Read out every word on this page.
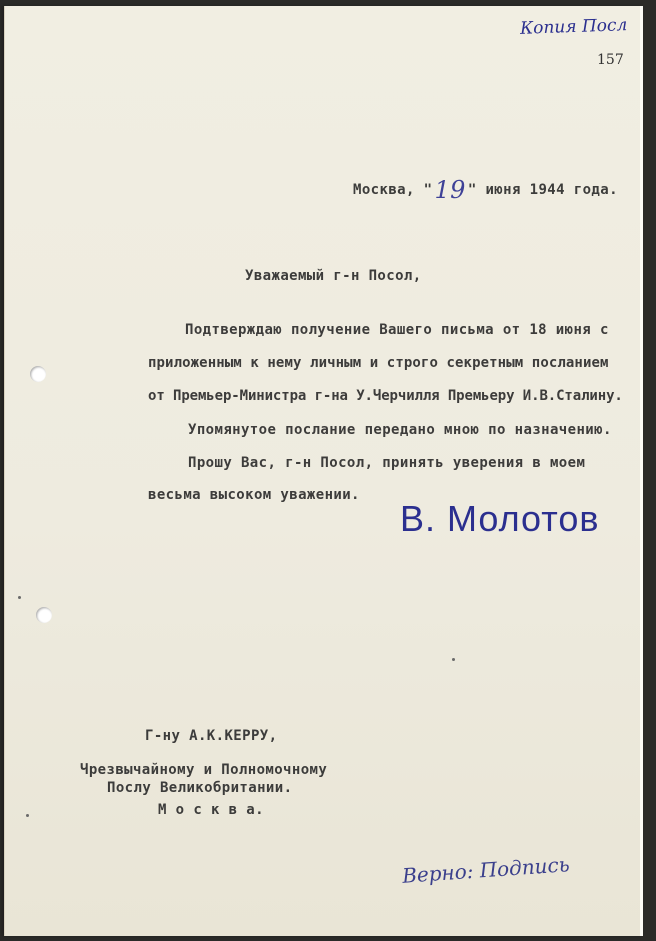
Копия Посл
157
Москва, "19 " июня 1944 года.
Уважаемый г-н Посол,
Подтверждаю получение Вашего письма от 18 июня с
приложенным к нему личным и строго секретным посланием
от Премьер-Министра г-на У.Черчилля Премьеру И.В.Сталину.
Упомянутое послание передано мною по назначению.
Прошу Вас, г-н Посол, принять уверения в моем
весьма высоком уважении.
В. Молотов
Г-ну А.К.КЕРРУ,
Чрезвычайному и Полномочному
Послу Великобритании.
М о с к в а.
Верно: Подпись
